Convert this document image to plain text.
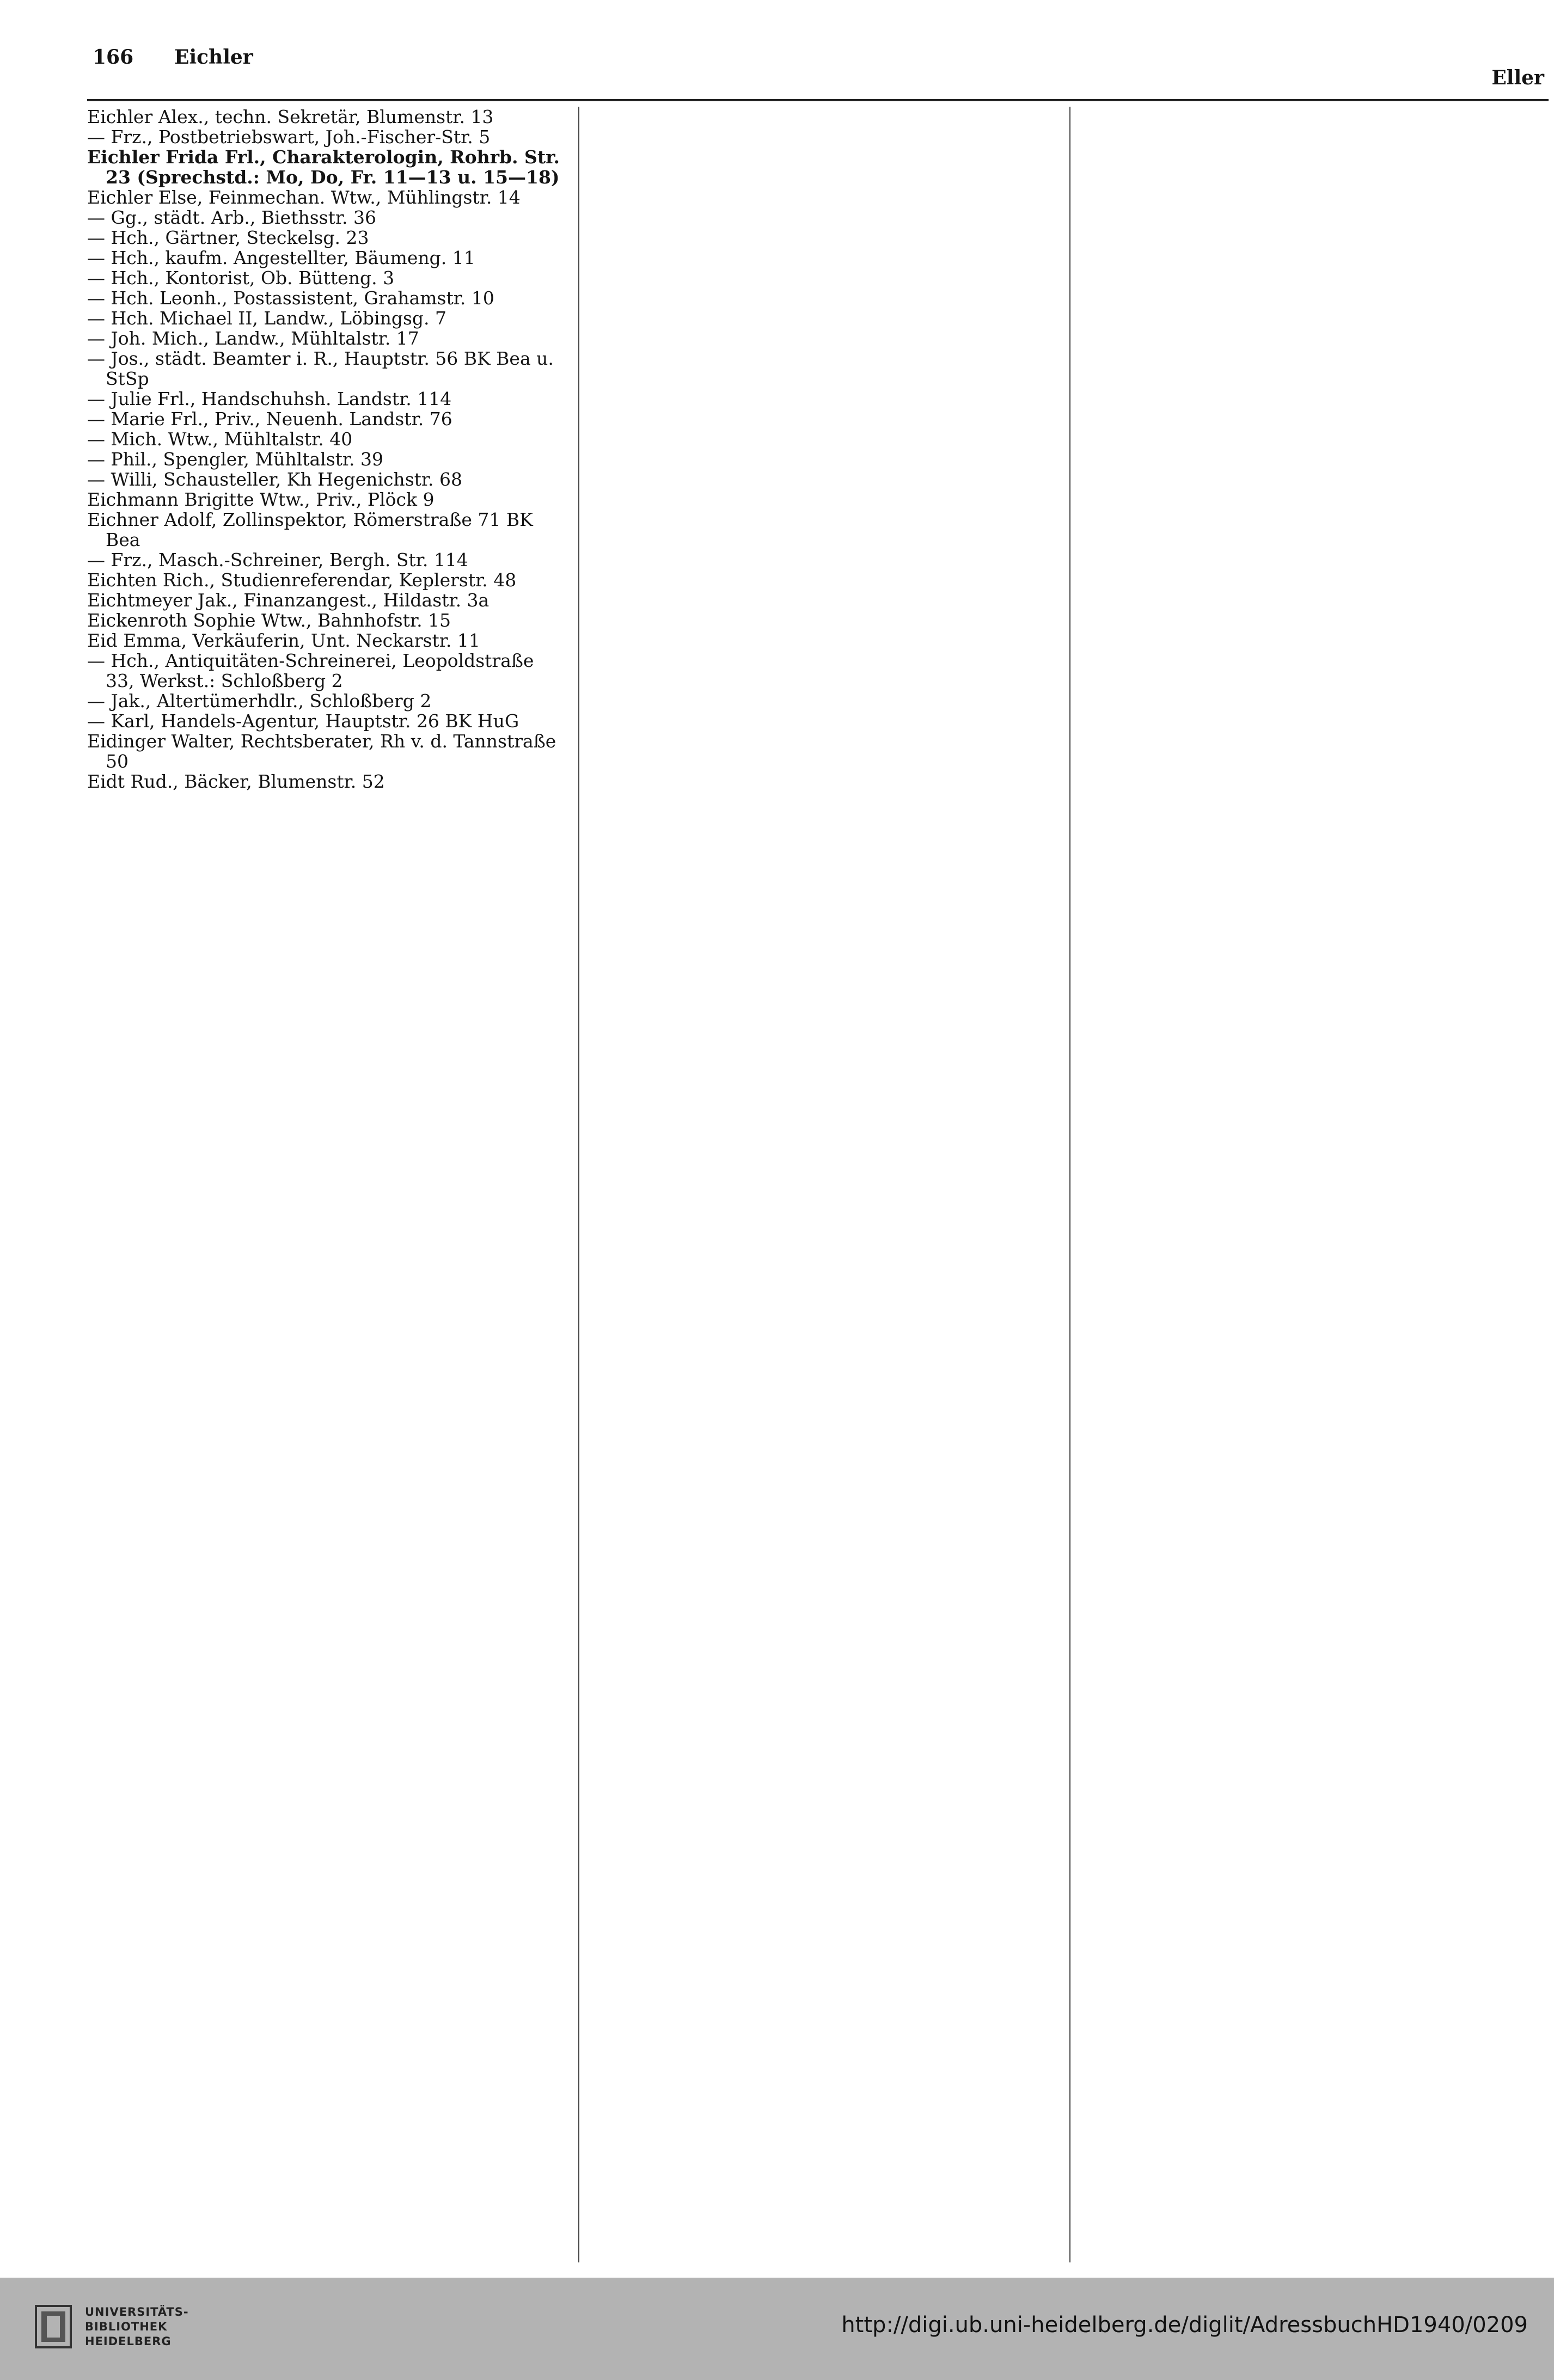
166 Eichler
Eller

Eichler Alex., techn. Sekretär, Blumenstr. 13

— Frz., Postbetriebswart, Joh.-Fischer-Str. 5

Eichler Frida Frl., Charakterologin, Rohrb. Str. 23 (Sprechstd.: Mo, Do, Fr. 11—13 u. 15—18)

Eichler Else, Feinmechan. Wtw., Mühlingstr. 14

— Gg., städt. Arb., Biethsstr. 36

— Hch., Gärtner, Steckelsg. 23

— Hch., kaufm. Angestellter, Bäumeng. 11

— Hch., Kontorist, Ob. Bütteng. 3

— Hch. Leonh., Postassistent, Grahamstr. 10

— Hch. Michael II, Landw., Löbingsg. 7

— Joh. Mich., Landw., Mühltalstr. 17

— Jos., städt. Beamter i. R., Hauptstr. 56 BK Bea u. StSp

— Julie Frl., Handschuhsh. Landstr. 114

— Marie Frl., Priv., Neuenh. Landstr. 76

— Mich. Wtw., Mühltalstr. 40

— Phil., Spengler, Mühltalstr. 39

— Willi, Schausteller, Kh Hegenichstr. 68

Eichmann Brigitte Wtw., Priv., Plöck 9

Eichner Adolf, Zollinspektor, Römerstraße 71 BK Bea

— Frz., Masch.-Schreiner, Bergh. Str. 114

Eichten Rich., Studienreferendar, Keplerstr. 48

Eichtmeyer Jak., Finanzangest., Hildastr. 3a

Eickenroth Sophie Wtw., Bahnhofstr. 15

Eid Emma, Verkäuferin, Unt. Neckarstr. 11

— Hch., Antiquitäten-Schreinerei, Leopoldstraße 33, Werkst.: Schloßberg 2

— Jak., Altertümerhdlr., Schloßberg 2

— Karl, Handels-Agentur, Hauptstr. 26 BK HuG

Eidinger Walter, Rechtsberater, Rh v. d. Tannstraße 50

Eidt Rud., Bäcker, Blumenstr. 52

UNIVERSITÄTS-
BIBLIOTHEK
HEIDELBERG
http://digi.ub.uni-heidelberg.de/diglit/AdressbuchHD1940/0209
